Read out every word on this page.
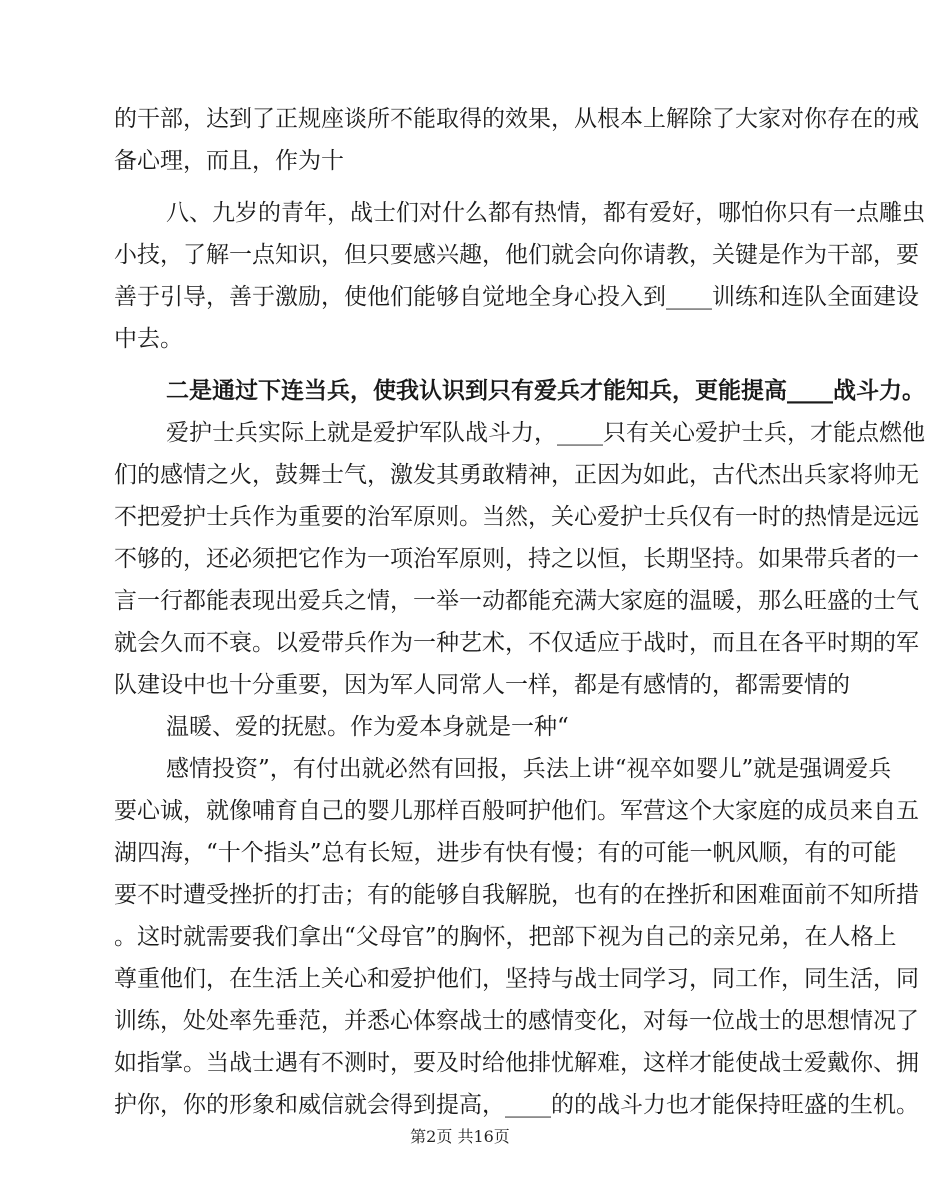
的干部，达到了正规座谈所不能取得的效果，从根本上解除了大家对你存在的戒
备心理，而且，作为十
八、九岁的青年，战士们对什么都有热情，都有爱好，哪怕你只有一点雕虫
小技，了解一点知识，但只要感兴趣，他们就会向你请教，关键是作为干部，要
善于引导，善于激励，使他们能够自觉地全身心投入到____训练和连队全面建设
中去。
二是通过下连当兵，使我认识到只有爱兵才能知兵，更能提高____战斗力。
爱护士兵实际上就是爱护军队战斗力，____只有关心爱护士兵，才能点燃他
们的感情之火，鼓舞士气，激发其勇敢精神，正因为如此，古代杰出兵家将帅无
不把爱护士兵作为重要的治军原则。当然，关心爱护士兵仅有一时的热情是远远
不够的，还必须把它作为一项治军原则，持之以恒，长期坚持。如果带兵者的一
言一行都能表现出爱兵之情，一举一动都能充满大家庭的温暖，那么旺盛的士气
就会久而不衰。以爱带兵作为一种艺术，不仅适应于战时，而且在各平时期的军
队建设中也十分重要，因为军人同常人一样，都是有感情的，都需要情的
温暖、爱的抚慰。作为爱本身就是一种“
感情投资”，有付出就必然有回报，兵法上讲“视卒如婴儿”就是强调爱兵
要心诚，就像哺育自己的婴儿那样百般呵护他们。军营这个大家庭的成员来自五
湖四海，“十个指头”总有长短，进步有快有慢；有的可能一帆风顺，有的可能
要不时遭受挫折的打击；有的能够自我解脱，也有的在挫折和困难面前不知所措
。这时就需要我们拿出“父母官”的胸怀，把部下视为自己的亲兄弟，在人格上
尊重他们，在生活上关心和爱护他们，坚持与战士同学习，同工作，同生活，同
训练，处处率先垂范，并悉心体察战士的感情变化，对每一位战士的思想情况了
如指掌。当战士遇有不测时，要及时给他排忧解难，这样才能使战士爱戴你、拥
护你，你的形象和威信就会得到提高，____的的战斗力也才能保持旺盛的生机。
第2页 共16页
